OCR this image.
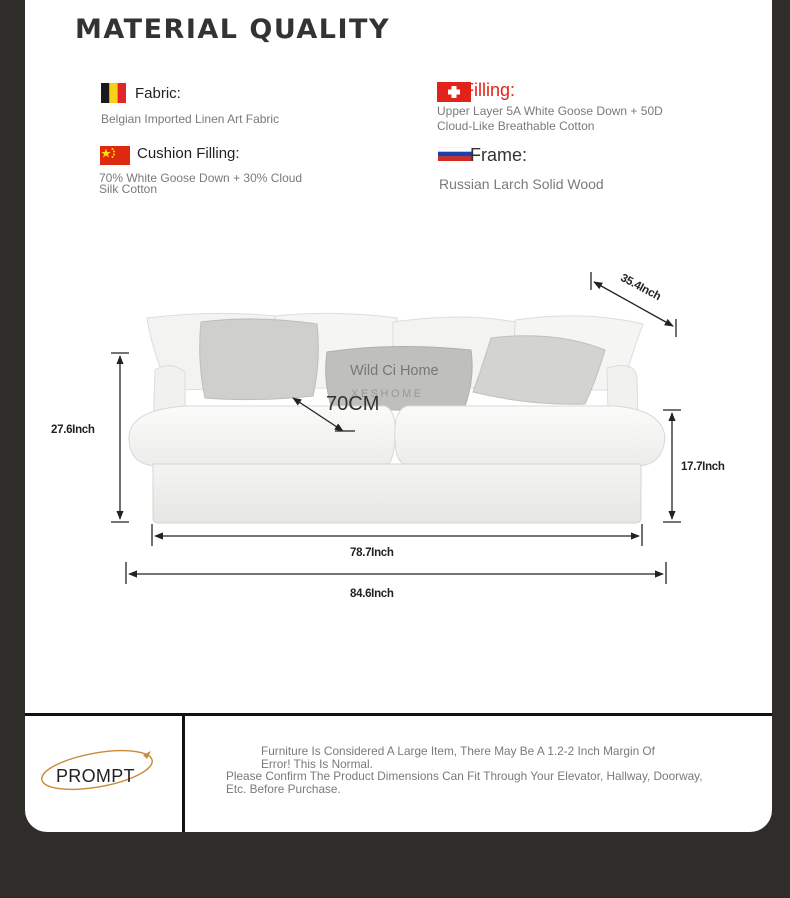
MATERIAL QUALITY
Fabric:
Belgian Imported Linen Art Fabric
Filling:
Upper Layer 5A White Goose Down + 50D
Cloud-Like Breathable Cotton
Cushion Filling:
70% White Goose Down + 30% Cloud
Silk Cotton
Frame:
Russian Larch Solid Wood
35.4Inch
27.6Inch
17.7Inch
78.7Inch
84.6Inch
Wild Ci Home
XESHOME
70CM
PROMPT
Furniture Is Considered A Large Item, There May Be A 1.2-2 Inch Margin Of
Error! This Is Normal.
Please Confirm The Product Dimensions Can Fit Through Your Elevator, Hallway, Doorway,
Etc. Before Purchase.
